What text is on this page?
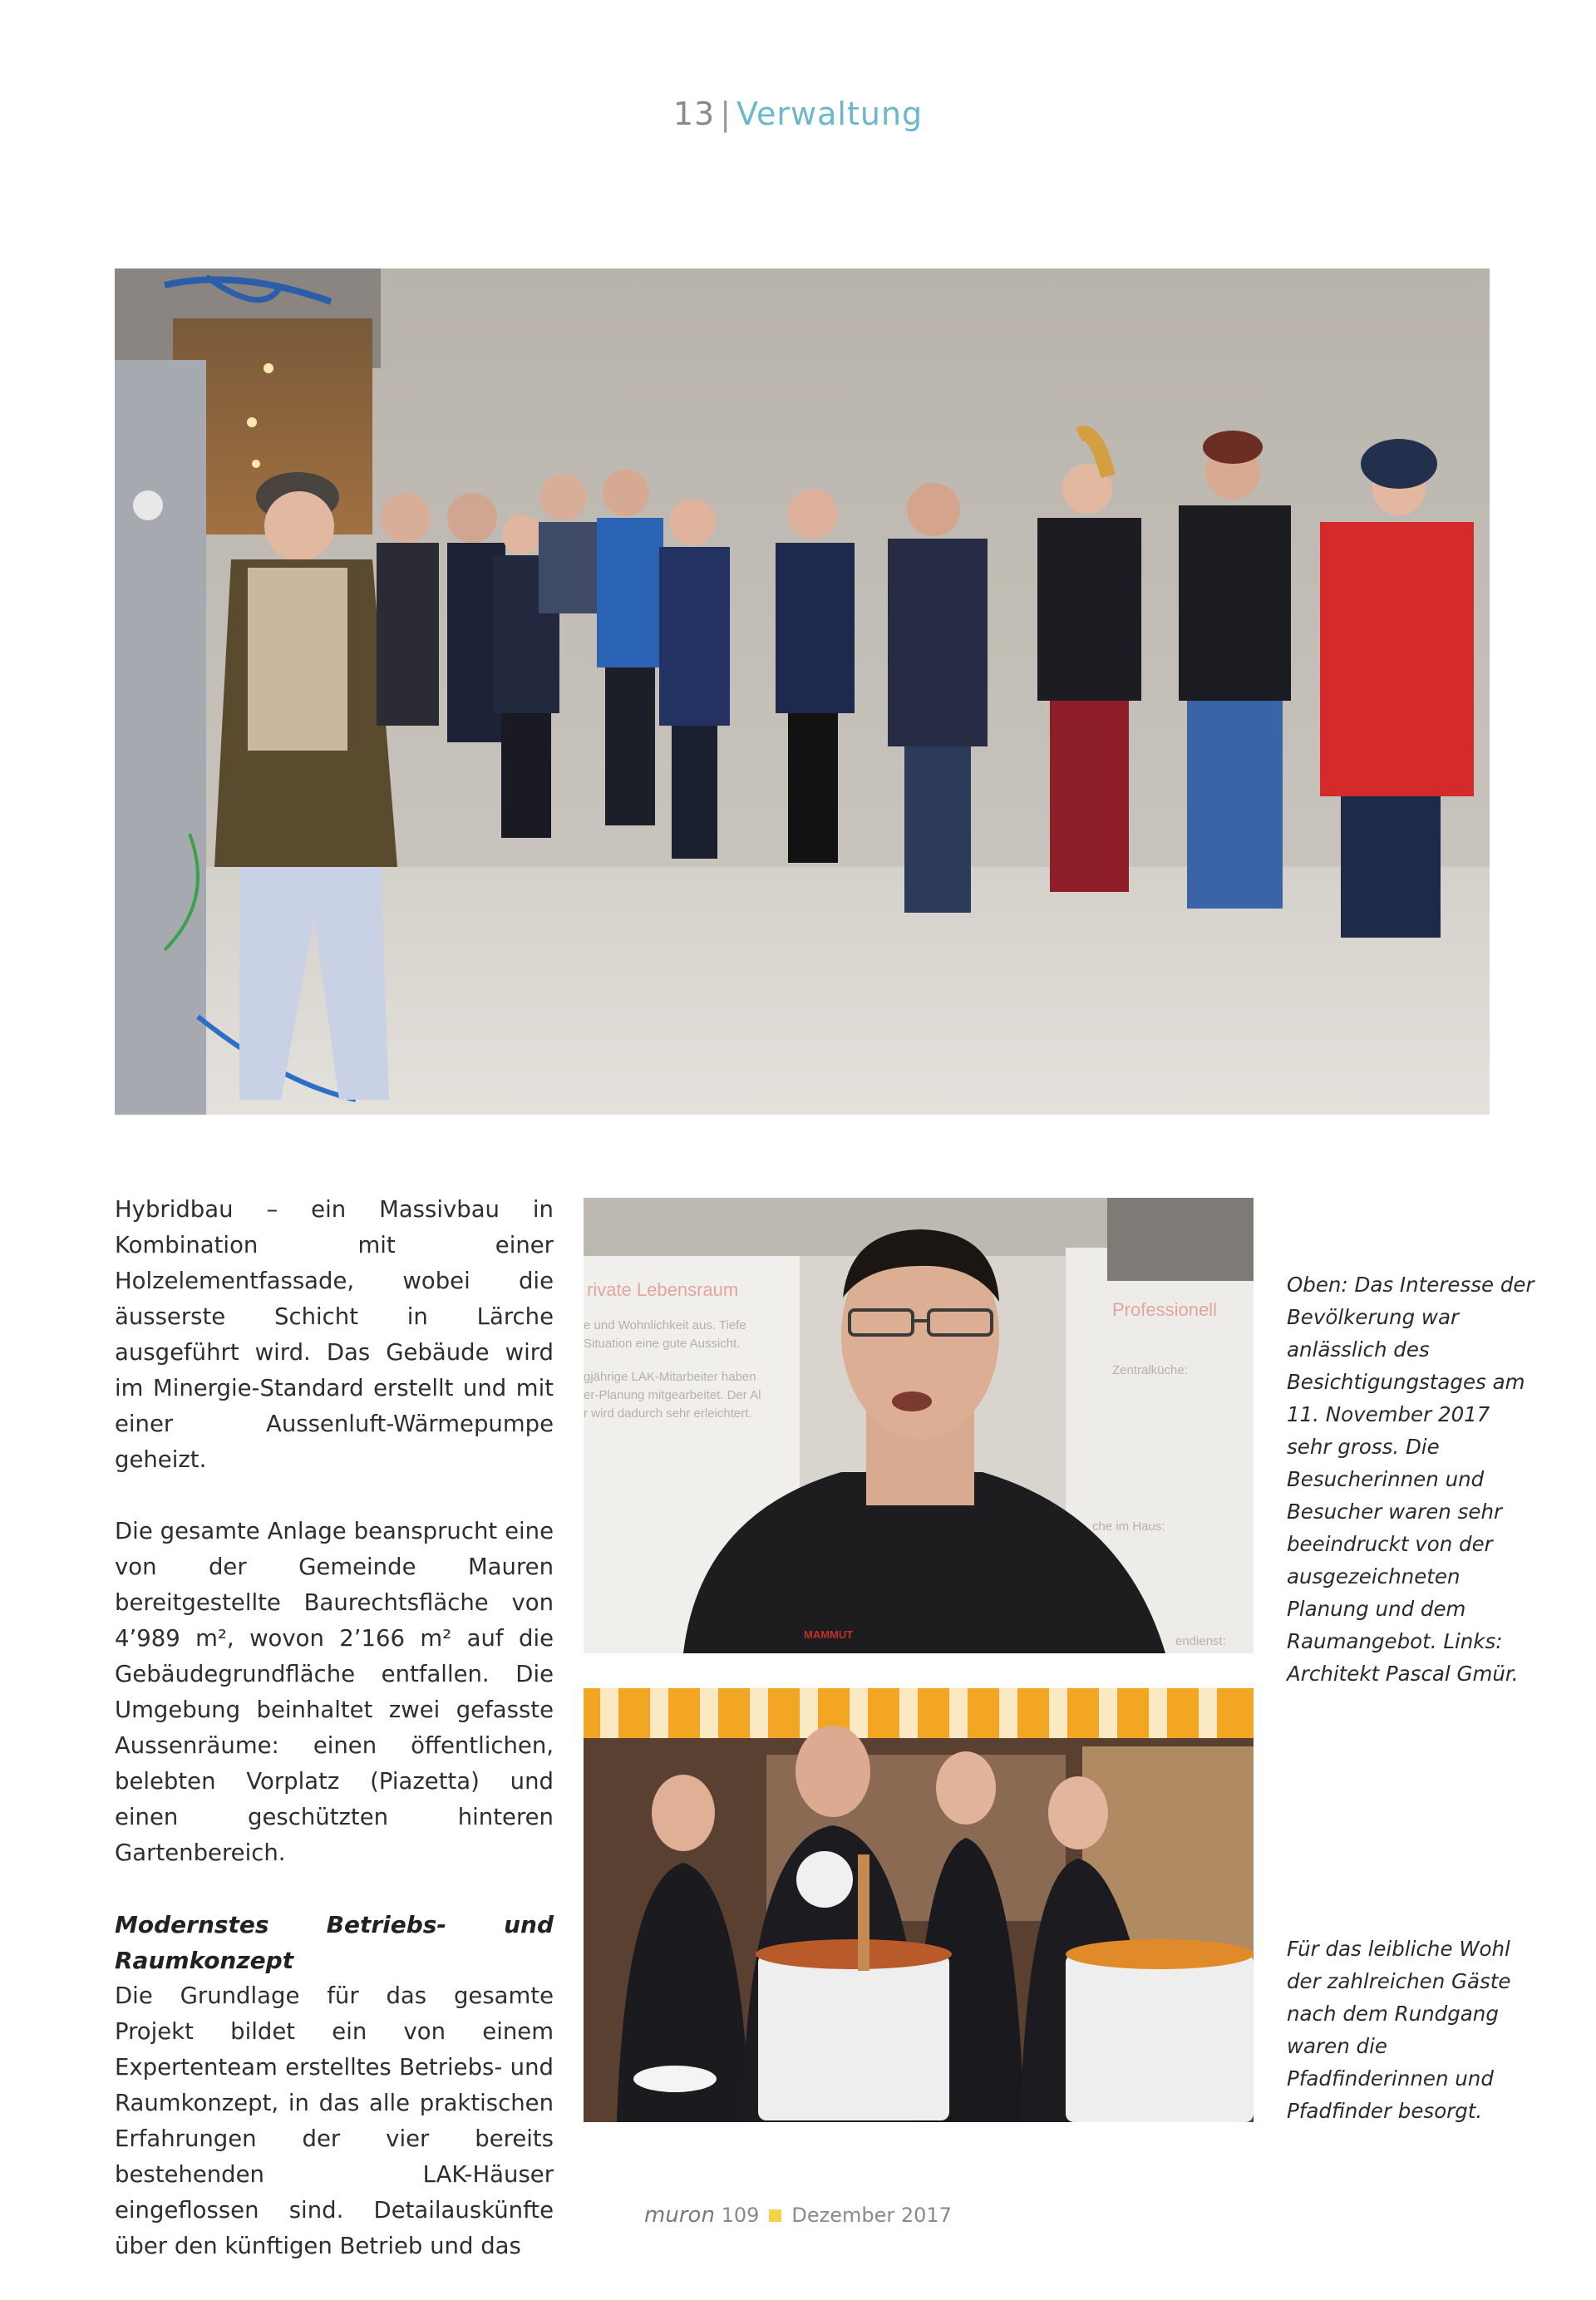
13 | Verwaltung

Hybridbau – ein Massivbau in Kombination mit einer Holzelementfassade, wobei die äusserste Schicht in Lärche ausgeführt wird. Das Gebäude wird im Minergie-Standard erstellt und mit einer Aussenluft-Wärmepumpe geheizt.

Die gesamte Anlage beansprucht eine von der Gemeinde Mauren bereitgestellte Baurechtsfläche von 4’989 m², wovon 2’166 m² auf die Gebäudegrundfläche entfallen. Die Umgebung beinhaltet zwei gefasste Aussenräume: einen öffentlichen, belebten Vorplatz (Piazetta) und einen geschützten hinteren Gartenbereich.

Modernstes Betriebs- und Raumkonzept

Die Grundlage für das gesamte Projekt bildet ein von einem Expertenteam erstelltes Betriebs- und Raumkonzept, in das alle praktischen Erfahrungen der vier bereits bestehenden LAK-Häuser eingeflossen sind. Detailauskünfte über den künftigen Betrieb und das

rivate Lebensraum
e und Wohnlichkeit aus. Tiefe
Situation eine gute Aussicht.
gjährige LAK-Mitarbeiter haben
er-Planung mitgearbeitet. Der Al
r wird dadurch sehr erleichtert.
Professionell
Zentralküche:
che im Haus:
endienst:
MAMMUT
Oben: Das Interesse der Bevölkerung war anlässlich des Besichtigungstages am 11. November 2017 sehr gross. Die Besucherinnen und Besucher waren sehr beeindruckt von der ausgezeichneten Planung und dem Raumangebot. Links: Architekt Pascal Gmür.
Für das leibliche Wohl der zahlreichen Gäste nach dem Rundgang waren die Pfadfinderinnen und Pfadfinder besorgt.
muron 109 Dezember 2017
